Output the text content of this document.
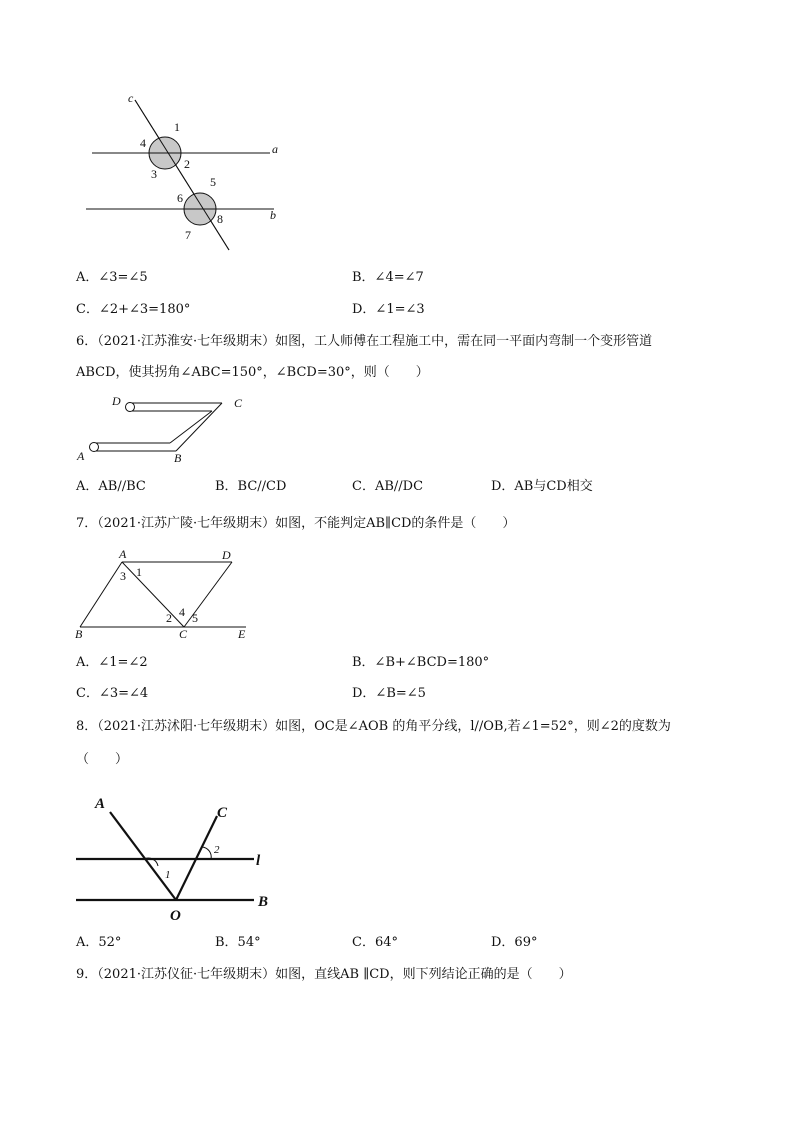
c
a
b
1
2
3
4
5
6
7
8
A．∠3=∠5	B．∠4=∠7
C．∠2+∠3=180°	D．∠1=∠3
6．（2021·江苏淮安·七年级期末）如图，工人师傅在工程施工中，需在同一平面内弯制一个变形管道
ABCD，使其拐角∠ABC=150°，∠BCD=30°，则（　　）
D	C
A	B
A．AB//BC	B．BC//CD	C．AB//DC	D．AB与CD相交
7．（2021·江苏广陵·七年级期末）如图，不能判定AB∥CD的条件是（　　）
A	D
B	C	E
1
3
2 4 5
A．∠1=∠2	B．∠B+∠BCD=180°
C．∠3=∠4	D．∠B=∠5
8．（2021·江苏沭阳·七年级期末）如图，OC是∠AOB 的角平分线，l//OB,若∠1=52°，则∠2的度数为
（　　）
A
C
l
B
O
1
2
A．52°	B．54°	C．64°	D．69°
9．（2021·江苏仪征·七年级期末）如图，直线AB ∥CD，则下列结论正确的是（　　）
